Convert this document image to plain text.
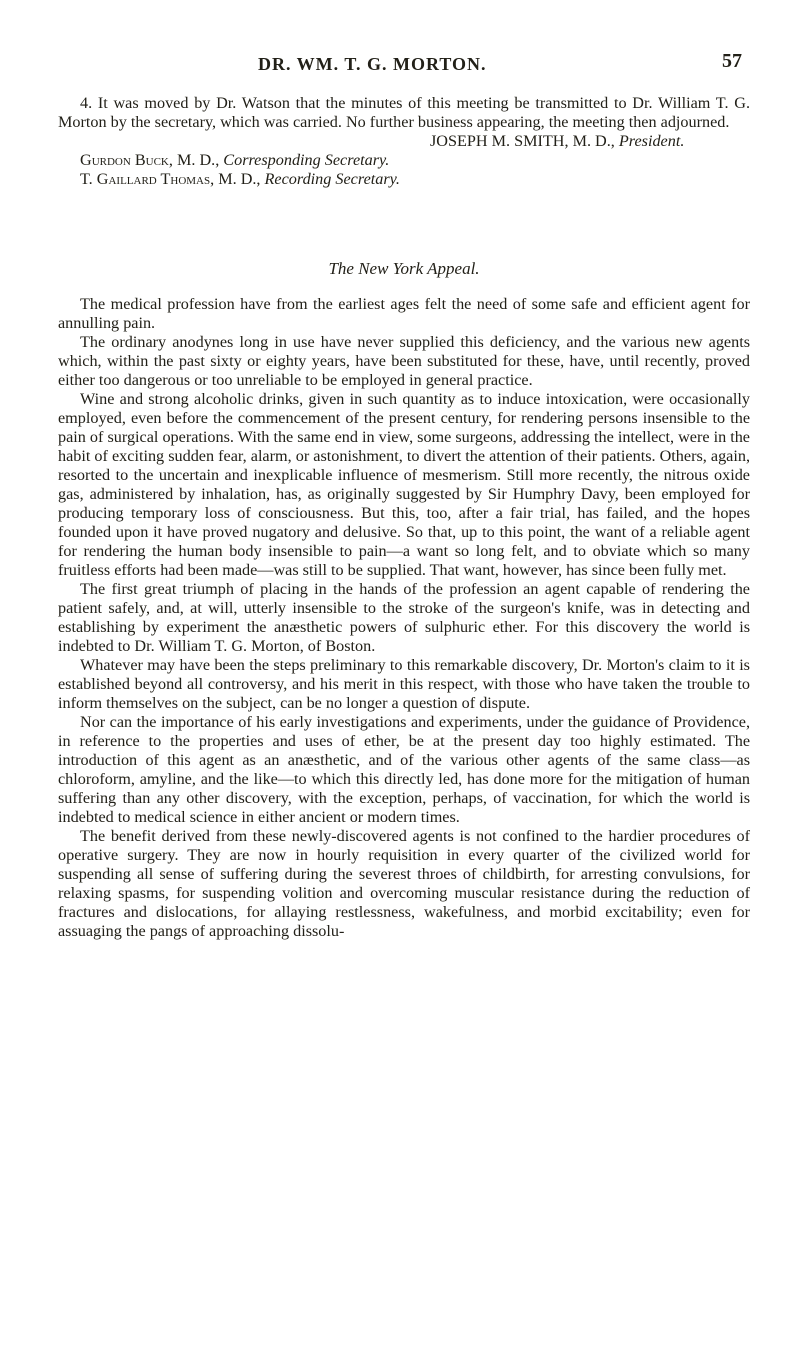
DR. WM. T. G. MORTON.	57

4. It was moved by Dr. Watson that the minutes of this meeting be transmitted to Dr. William T. G. Morton by the secretary, which was carried. No further business appearing, the meeting then adjourned.

JOSEPH M. SMITH, M. D., President.
Gurdon Buck, M. D., Corresponding Secretary.
T. Gaillard Thomas, M. D., Recording Secretary.
The New York Appeal.

The medical profession have from the earliest ages felt the need of some safe and efficient agent for annulling pain.

The ordinary anodynes long in use have never supplied this deficiency, and the various new agents which, within the past sixty or eighty years, have been substituted for these, have, until recently, proved either too dangerous or too unreliable to be employed in general practice.

Wine and strong alcoholic drinks, given in such quantity as to induce intoxication, were occasionally employed, even before the commencement of the present century, for rendering persons insensible to the pain of surgical operations. With the same end in view, some surgeons, addressing the intellect, were in the habit of exciting sudden fear, alarm, or astonishment, to divert the attention of their patients. Others, again, resorted to the uncertain and inexplicable influence of mesmerism. Still more recently, the nitrous oxide gas, administered by inhalation, has, as originally suggested by Sir Humphry Davy, been employed for producing temporary loss of consciousness. But this, too, after a fair trial, has failed, and the hopes founded upon it have proved nugatory and delusive. So that, up to this point, the want of a reliable agent for rendering the human body insensible to pain—a want so long felt, and to obviate which so many fruitless efforts had been made—was still to be supplied. That want, however, has since been fully met.

The first great triumph of placing in the hands of the profession an agent capable of rendering the patient safely, and, at will, utterly insensible to the stroke of the surgeon's knife, was in detecting and establishing by experiment the anæsthetic powers of sulphuric ether. For this discovery the world is indebted to Dr. William T. G. Morton, of Boston.

Whatever may have been the steps preliminary to this remarkable discovery, Dr. Morton's claim to it is established beyond all controversy, and his merit in this respect, with those who have taken the trouble to inform themselves on the subject, can be no longer a question of dispute.

Nor can the importance of his early investigations and experiments, under the guidance of Providence, in reference to the properties and uses of ether, be at the present day too highly estimated. The introduction of this agent as an anæsthetic, and of the various other agents of the same class—as chloroform, amyline, and the like—to which this directly led, has done more for the mitigation of human suffering than any other discovery, with the exception, perhaps, of vaccination, for which the world is indebted to medical science in either ancient or modern times.

The benefit derived from these newly-discovered agents is not confined to the hardier procedures of operative surgery. They are now in hourly requisition in every quarter of the civilized world for suspending all sense of suffering during the severest throes of childbirth, for arresting convulsions, for relaxing spasms, for suspending volition and overcoming muscular resistance during the reduction of fractures and dislocations, for allaying restlessness, wakefulness, and morbid excitability; even for assuaging the pangs of approaching dissolu-
